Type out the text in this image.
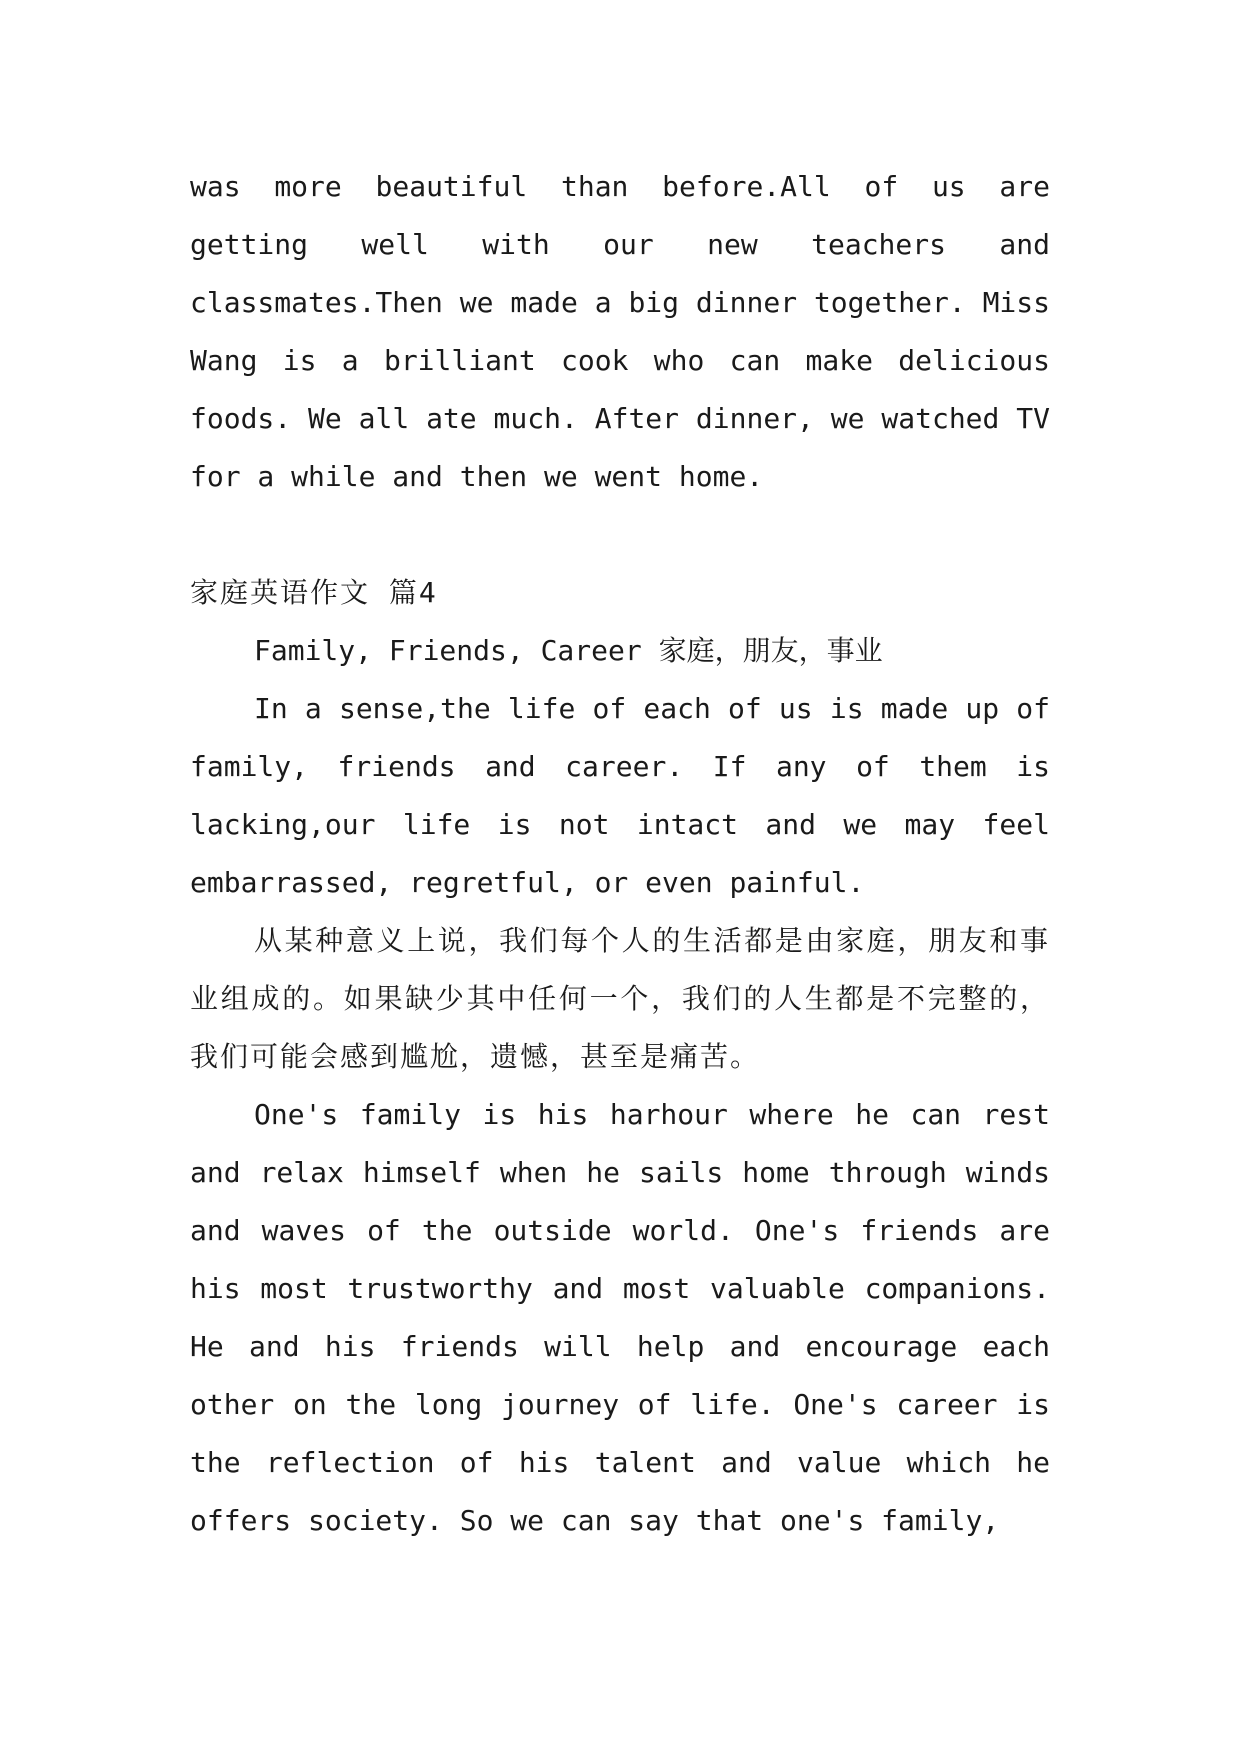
was more beautiful than before.All of us are getting well with our new teachers and classmates.Then we made a big dinner together. Miss Wang is a brilliant cook who can make delicious foods. We all ate much. After dinner, we watched TV for a while and then we went home.

家庭英语作文 篇4

Family, Friends, Career 家庭，朋友，事业

In a sense,the life of each of us is made up of family, friends and career. If any of them is lacking,our life is not intact and we may feel embarrassed, regretful, or even painful.

从某种意义上说，我们每个人的生活都是由家庭，朋友和事业组成的。如果缺少其中任何一个，我们的人生都是不完整的，我们可能会感到尴尬，遗憾，甚至是痛苦。

One's family is his harhour where he can rest and relax himself when he sails home through winds and waves of the outside world. One's friends are his most trustworthy and most valuable companions. He and his friends will help and encourage each other on the long journey of life. One's career is the reflection of his talent and value which he offers society. So we can say that one's family,
